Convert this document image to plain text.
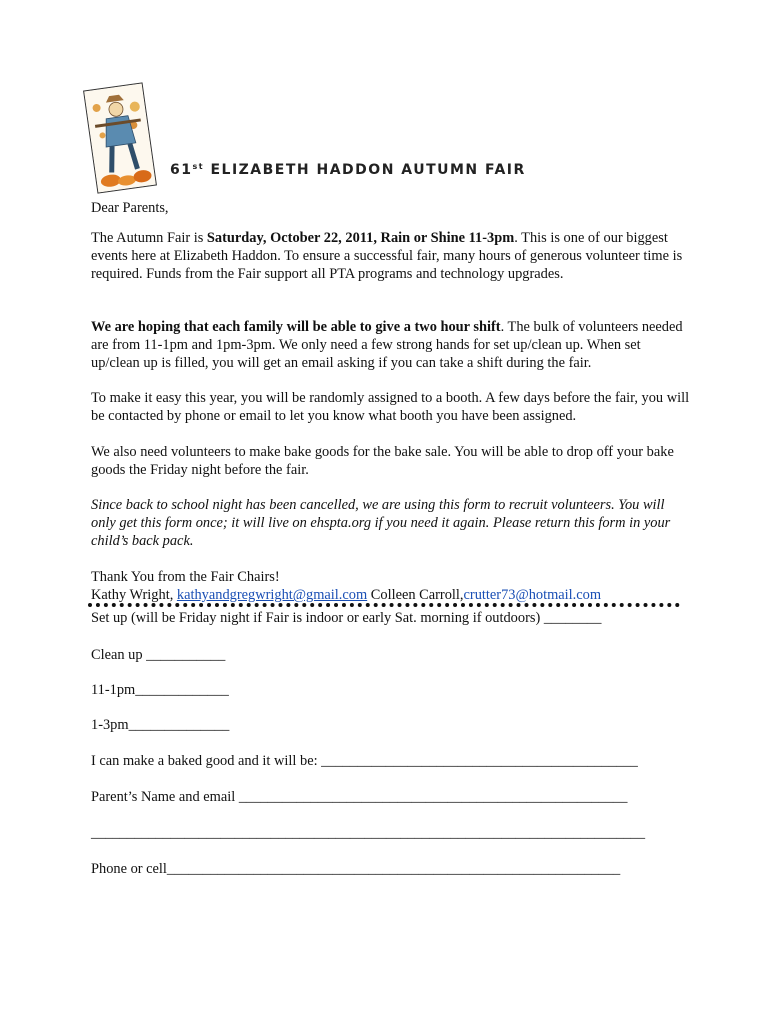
61st ELIZABETH HADDON AUTUMN FAIR
Dear Parents,
The Autumn Fair is Saturday, October 22, 2011, Rain or Shine 11-3pm. This is one of our biggest events here at Elizabeth Haddon. To ensure a successful fair, many hours of generous volunteer time is required. Funds from the Fair support all PTA programs and technology upgrades.
We are hoping that each family will be able to give a two hour shift. The bulk of volunteers needed are from 11-1pm and 1pm-3pm. We only need a few strong hands for set up/clean up. When set up/clean up is filled, you will get an email asking if you can take a shift during the fair.
To make it easy this year, you will be randomly assigned to a booth. A few days before the fair, you will be contacted by phone or email to let you know what booth you have been assigned.
We also need volunteers to make bake goods for the bake sale. You will be able to drop off your bake goods the Friday night before the fair.
Since back to school night has been cancelled, we are using this form to recruit volunteers. You will only get this form once; it will live on ehspta.org if you need it again. Please return this form in your child’s back pack.
Thank You from the Fair Chairs!
Kathy Wright, kathyandgregwright@gmail.com Colleen Carroll,crutter73@hotmail.com
Set up (will be Friday night if Fair is indoor or early Sat. morning if outdoors) ________
Clean up ___________
11-1pm_____________
1-3pm______________
I can make a baked good and it will be: ____________________________________________
Parent’s Name and email ______________________________________________________
_____________________________________________________________________________
Phone or cell_______________________________________________________________
